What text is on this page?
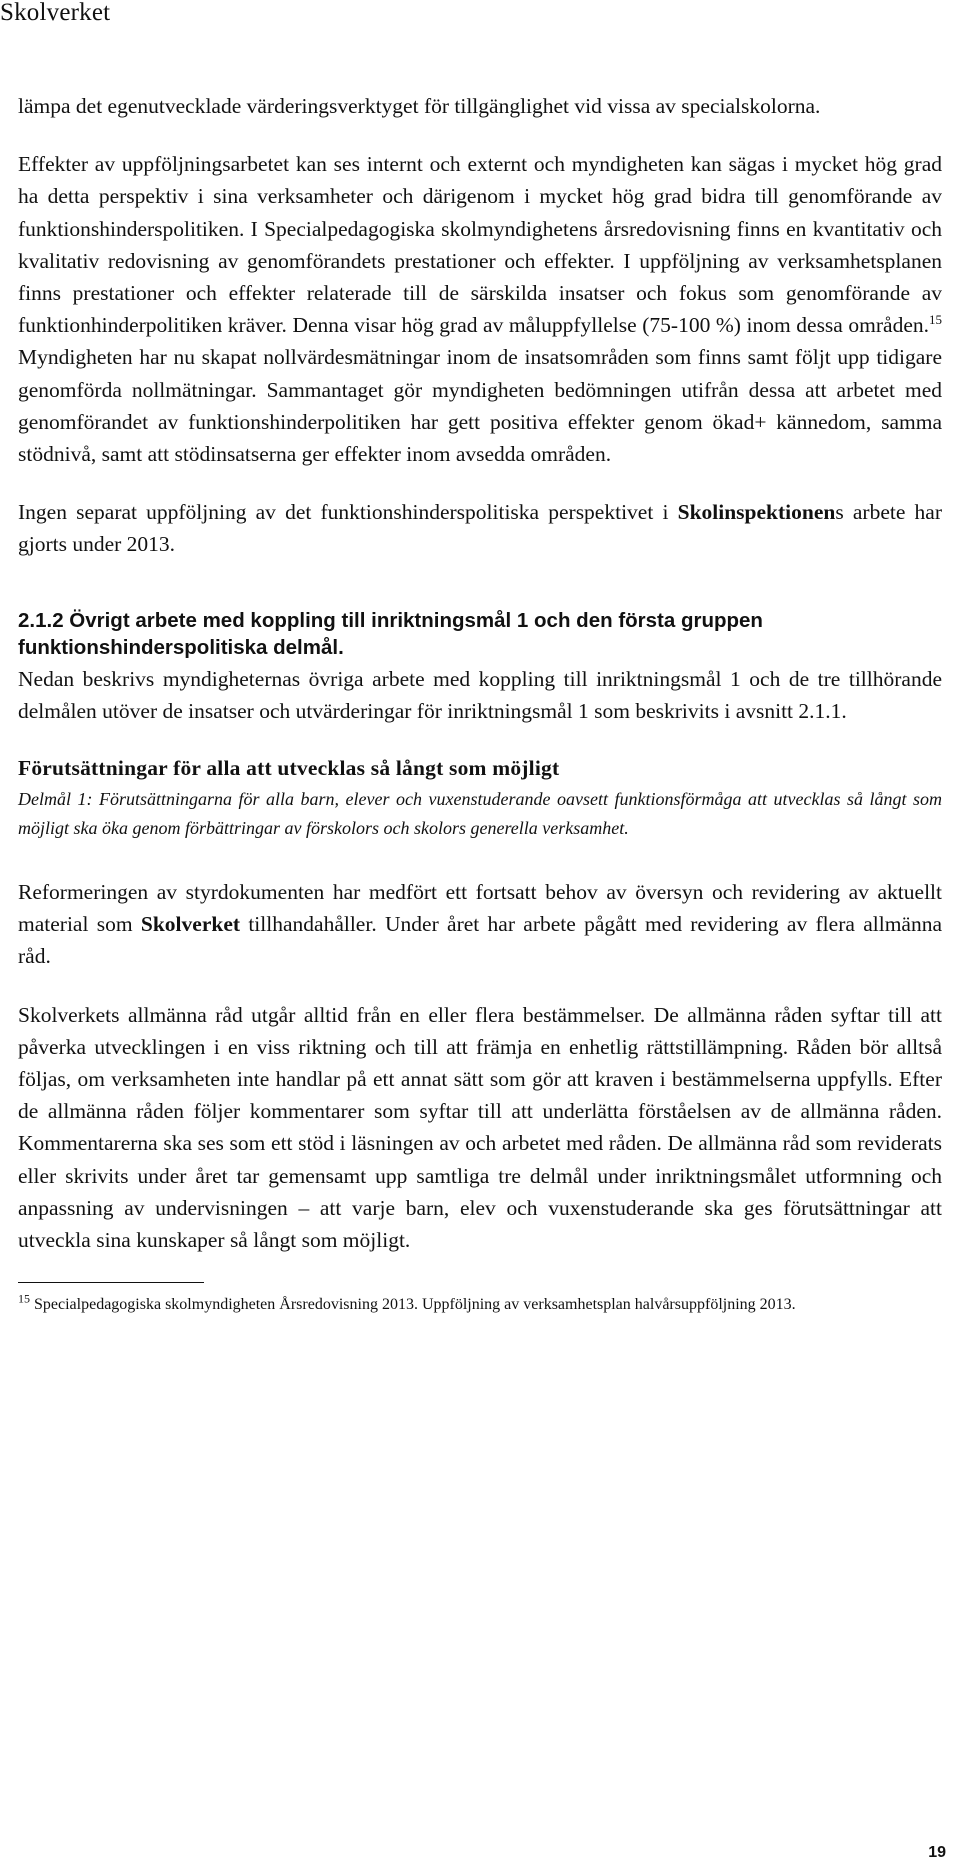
Skolverket

lämpa det egenutvecklade värderingsverktyget för tillgänglighet vid vissa av specialskolorna.

Effekter av uppföljningsarbetet kan ses internt och externt och myndigheten kan sägas i mycket hög grad ha detta perspektiv i sina verksamheter och därigenom i mycket hög grad bidra till genomförande av funktionshinderspolitiken. I Specialpedagogiska skolmyndighetens årsredovisning finns en kvantitativ och kvalitativ redovisning av genomförandets prestationer och effekter. I uppföljning av verksamhetsplanen finns prestationer och effekter relaterade till de särskilda insatser och fokus som genomförande av funktionhinderpolitiken kräver. Denna visar hög grad av måluppfyllelse (75-100 %) inom dessa områden.$^{15}$ Myndigheten har nu skapat nollvärdesmätningar inom de insatsområden som finns samt följt upp tidigare genomförda nollmätningar. Sammantaget gör myndigheten bedömningen utifrån dessa att arbetet med genomförandet av funktionshinderpolitiken har gett positiva effekter genom ökad+ kännedom, samma stödnivå, samt att stödinsatserna ger effekter inom avsedda områden.

Ingen separat uppföljning av det funktionshinderspolitiska perspektivet i Skolinspektionens arbete har gjorts under 2013.

2.1.2 Övrigt arbete med koppling till inriktningsmål 1 och den första gruppen funktionshinderspolitiska delmål.

Nedan beskrivs myndigheternas övriga arbete med koppling till inriktningsmål 1 och de tre tillhörande delmålen utöver de insatser och utvärderingar för inriktningsmål 1 som beskrivits i avsnitt 2.1.1.

Förutsättningar för alla att utvecklas så långt som möjligt

Delmål 1: Förutsättningarna för alla barn, elever och vuxenstuderande oavsett funktionsförmåga att utvecklas så långt som möjligt ska öka genom förbättringar av förskolors och skolors generella verksamhet.

Reformeringen av styrdokumenten har medfört ett fortsatt behov av översyn och revidering av aktuellt material som Skolverket tillhandahåller. Under året har arbete pågått med revidering av flera allmänna råd.

Skolverkets allmänna råd utgår alltid från en eller flera bestämmelser. De allmänna råden syftar till att påverka utvecklingen i en viss riktning och till att främja en enhetlig rättstillämpning. Råden bör alltså följas, om verksamheten inte handlar på ett annat sätt som gör att kraven i bestämmelserna uppfylls. Efter de allmänna råden följer kommentarer som syftar till att underlätta förståelsen av de allmänna råden. Kommentarerna ska ses som ett stöd i läsningen av och arbetet med råden. De allmänna råd som reviderats eller skrivits under året tar gemensamt upp samtliga tre delmål under inriktningsmålet utformning och anpassning av undervisningen – att varje barn, elev och vuxenstuderande ska ges förutsättningar att utveckla sina kunskaper så långt som möjligt.

$^{15}$ Specialpedagogiska skolmyndigheten Årsredovisning 2013. Uppföljning av verksamhetsplan halvårsuppföljning 2013.

19
